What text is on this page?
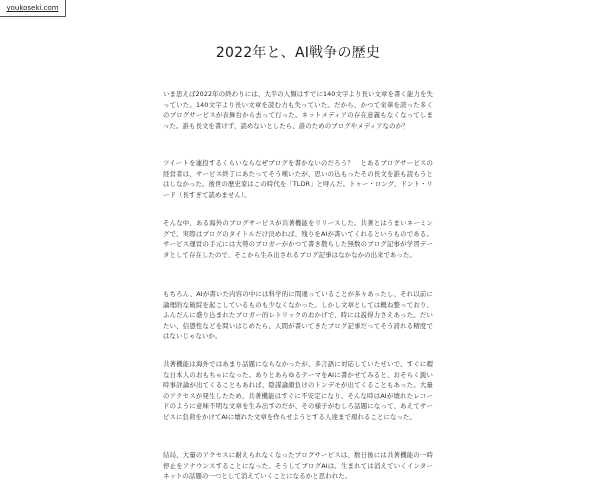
youkoseki.com
2022年と、AI戦争の歴史

いま思えば2022年の終わりには、大半の人類はすでに140文字より長い文章を書く能力を失っていた。140文字より長い文章を読む力も失っていた。だから、かつて栄華を誇った多くのブログサービスが表舞台から去って行った。ネットメディアの存在意義もなくなってしまった。誰も長文を書けず、読めないとしたら、誰のためのブログやメディアなのか？

ツイートを連投するくらいならなぜブログを書かないのだろう？　とあるブログサービスの経営者は、サービス終了にあたってそう嘆いたが、思いの込もったその長文を誰も読もうとはしなかった。後世の歴史家はこの時代を「TLDR」と呼んだ。トゥー・ロング、ドント・リード（長すぎて読めません）。

そんな中、ある海外のブログサービスが共著機能をリリースした。共著とはうまいネーミングで、実際はブログのタイトルだけ決めれば、残りをAIが書いてくれるというものである。サービス運営の手元には大勢のブロガーがかつて書き散らした無数のブログ記事が学習データとして存在したので、そこから生み出されるブログ記事はなかなかの出来であった。

もちろん、AIが書いた内容の中には科学的に間違っていることが多々あったし、それ以前に論理的な破綻を起こしているものも少なくなかった。しかし文章としては概ね整っており、ふんだんに盛り込まれたブロガー的レトリックのおかげで、時には説得力さえあった。だいたい、信憑性などを問いはじめたら、人間が書いてきたブログ記事だってそう誇れる精度ではないじゃないか。

共著機能は海外ではあまり話題にならなかったが、多言語に対応していたせいで、すぐに暇な日本人のおもちゃになった。ありとあらゆるテーマをAIに書かせてみると、おそらく鋭い時事評論が出てくることもあれば、陰謀論顔負けのトンデモが出てくることもあった。大量のアクセスが発生したため、共著機能はすぐに不安定になり、そんな時はAIが壊れたレコードのように意味不明な文章を生み出すのだが、その様子がむしろ話題になって、あえてサービスに負荷をかけてAIに壊れた文章を作らせようとする人達まで現れることになった。

結局、大量のアクセスに耐えられなくなったブログサービスは、数日後には共著機能の一時停止をアナウンスすることになった。そうしてブログAIは、生まれては消えていくインターネットの話題の一つとして消えていくことになるかと思われた。
